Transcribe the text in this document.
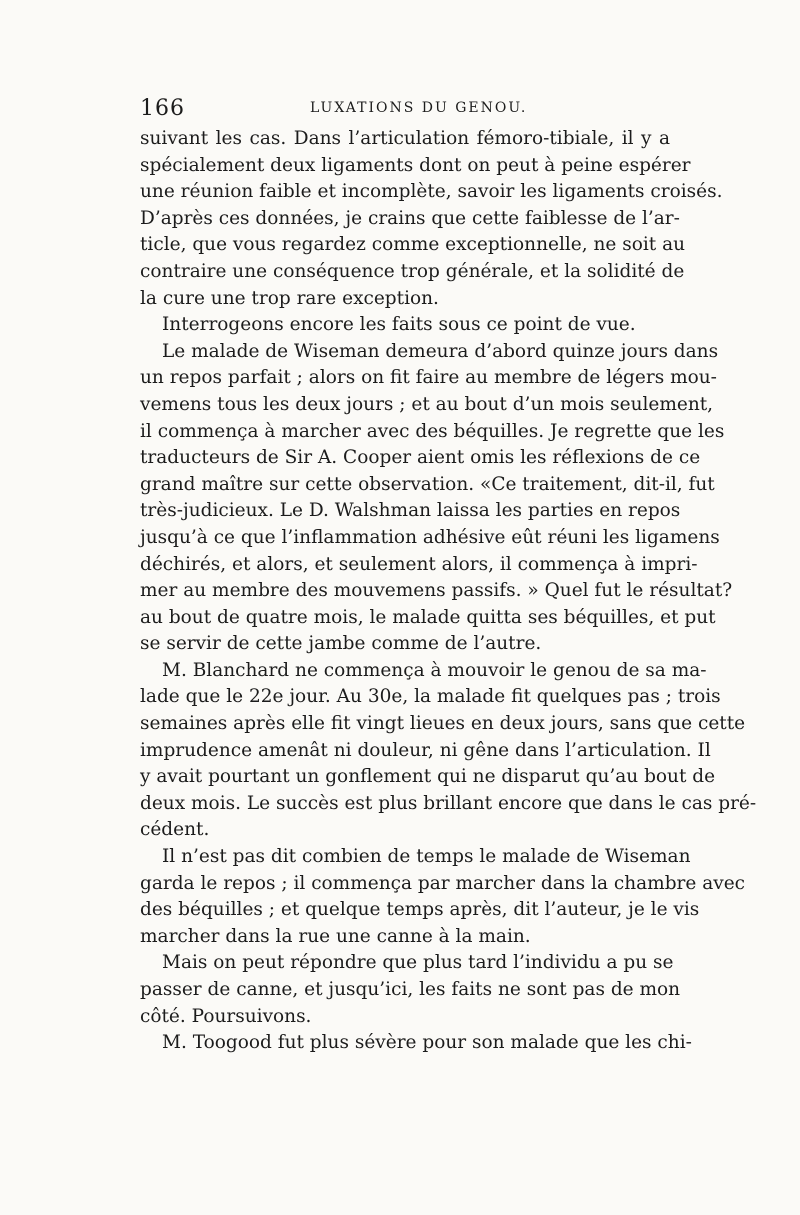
166	LUXATIONS DU GENOU.
suivant les cas. Dans l’articulation fémoro-tibiale, il y a
spécialement deux ligaments dont on peut à peine espérer
une réunion faible et incomplète, savoir les ligaments croisés.
D’après ces données, je crains que cette faiblesse de l’ar-
ticle, que vous regardez comme exceptionnelle, ne soit au
contraire une conséquence trop générale, et la solidité de
la cure une trop rare exception.
Interrogeons encore les faits sous ce point de vue.
Le malade de Wiseman demeura d’abord quinze jours dans
un repos parfait ; alors on fit faire au membre de légers mou-
vemens tous les deux jours ; et au bout d’un mois seulement,
il commença à marcher avec des béquilles. Je regrette que les
traducteurs de Sir A. Cooper aient omis les réflexions de ce
grand maître sur cette observation. «Ce traitement, dit-il, fut
très-judicieux. Le D. Walshman laissa les parties en repos
jusqu’à ce que l’inflammation adhésive eût réuni les ligamens
déchirés, et alors, et seulement alors, il commença à impri-
mer au membre des mouvemens passifs. » Quel fut le résultat?
au bout de quatre mois, le malade quitta ses béquilles, et put
se servir de cette jambe comme de l’autre.
M. Blanchard ne commença à mouvoir le genou de sa ma-
lade que le 22e jour. Au 30e, la malade fit quelques pas ; trois
semaines après elle fit vingt lieues en deux jours, sans que cette
imprudence amenât ni douleur, ni gêne dans l’articulation. Il
y avait pourtant un gonflement qui ne disparut qu’au bout de
deux mois. Le succès est plus brillant encore que dans le cas pré-
cédent.
Il n’est pas dit combien de temps le malade de Wiseman
garda le repos ; il commença par marcher dans la chambre avec
des béquilles ; et quelque temps après, dit l’auteur, je le vis
marcher dans la rue une canne à la main.
Mais on peut répondre que plus tard l’individu a pu se
passer de canne, et jusqu’ici, les faits ne sont pas de mon
côté. Poursuivons.
M. Toogood fut plus sévère pour son malade que les chi-
